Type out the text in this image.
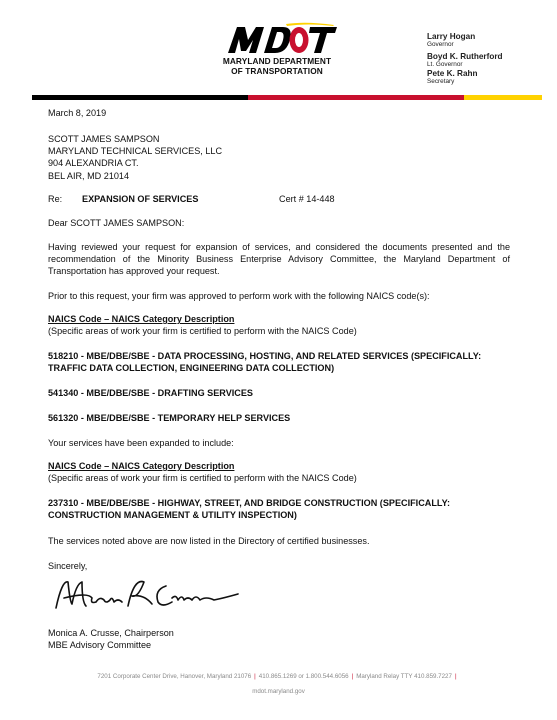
MARYLAND DEPARTMENT
OF TRANSPORTATION
Larry Hogan
Governor
Boyd K. Rutherford
Lt. Governor
Pete K. Rahn
Secretary
March 8, 2019
SCOTT JAMES SAMPSON
MARYLAND TECHNICAL SERVICES, LLC
904 ALEXANDRIA CT.
BEL AIR, MD 21014
Re: EXPANSION OF SERVICES	Cert # 14-448
Dear SCOTT JAMES SAMPSON:
Having reviewed your request for expansion of services, and considered the documents presented and the recommendation of the Minority Business Enterprise Advisory Committee, the Maryland Department of Transportation has approved your request.
Prior to this request, your firm was approved to perform work with the following NAICS code(s):
NAICS Code – NAICS Category Description
(Specific areas of work your firm is certified to perform with the NAICS Code)
518210 - MBE/DBE/SBE - DATA PROCESSING, HOSTING, AND RELATED SERVICES (SPECIFICALLY: TRAFFIC DATA COLLECTION, ENGINEERING DATA COLLECTION)
541340 - MBE/DBE/SBE - DRAFTING SERVICES
561320 - MBE/DBE/SBE - TEMPORARY HELP SERVICES
Your services have been expanded to include:
NAICS Code – NAICS Category Description
(Specific areas of work your firm is certified to perform with the NAICS Code)
237310 - MBE/DBE/SBE - HIGHWAY, STREET, AND BRIDGE CONSTRUCTION (SPECIFICALLY: CONSTRUCTION MANAGEMENT & UTILITY INSPECTION)
The services noted above are now listed in the Directory of certified businesses.
Sincerely,
Monica A. Crusse, Chairperson
MBE Advisory Committee
7201 Corporate Center Drive, Hanover, Maryland 21076 | 410.865.1269 or 1.800.544.6056 | Maryland Relay TTY 410.859.7227 |
mdot.maryland.gov
